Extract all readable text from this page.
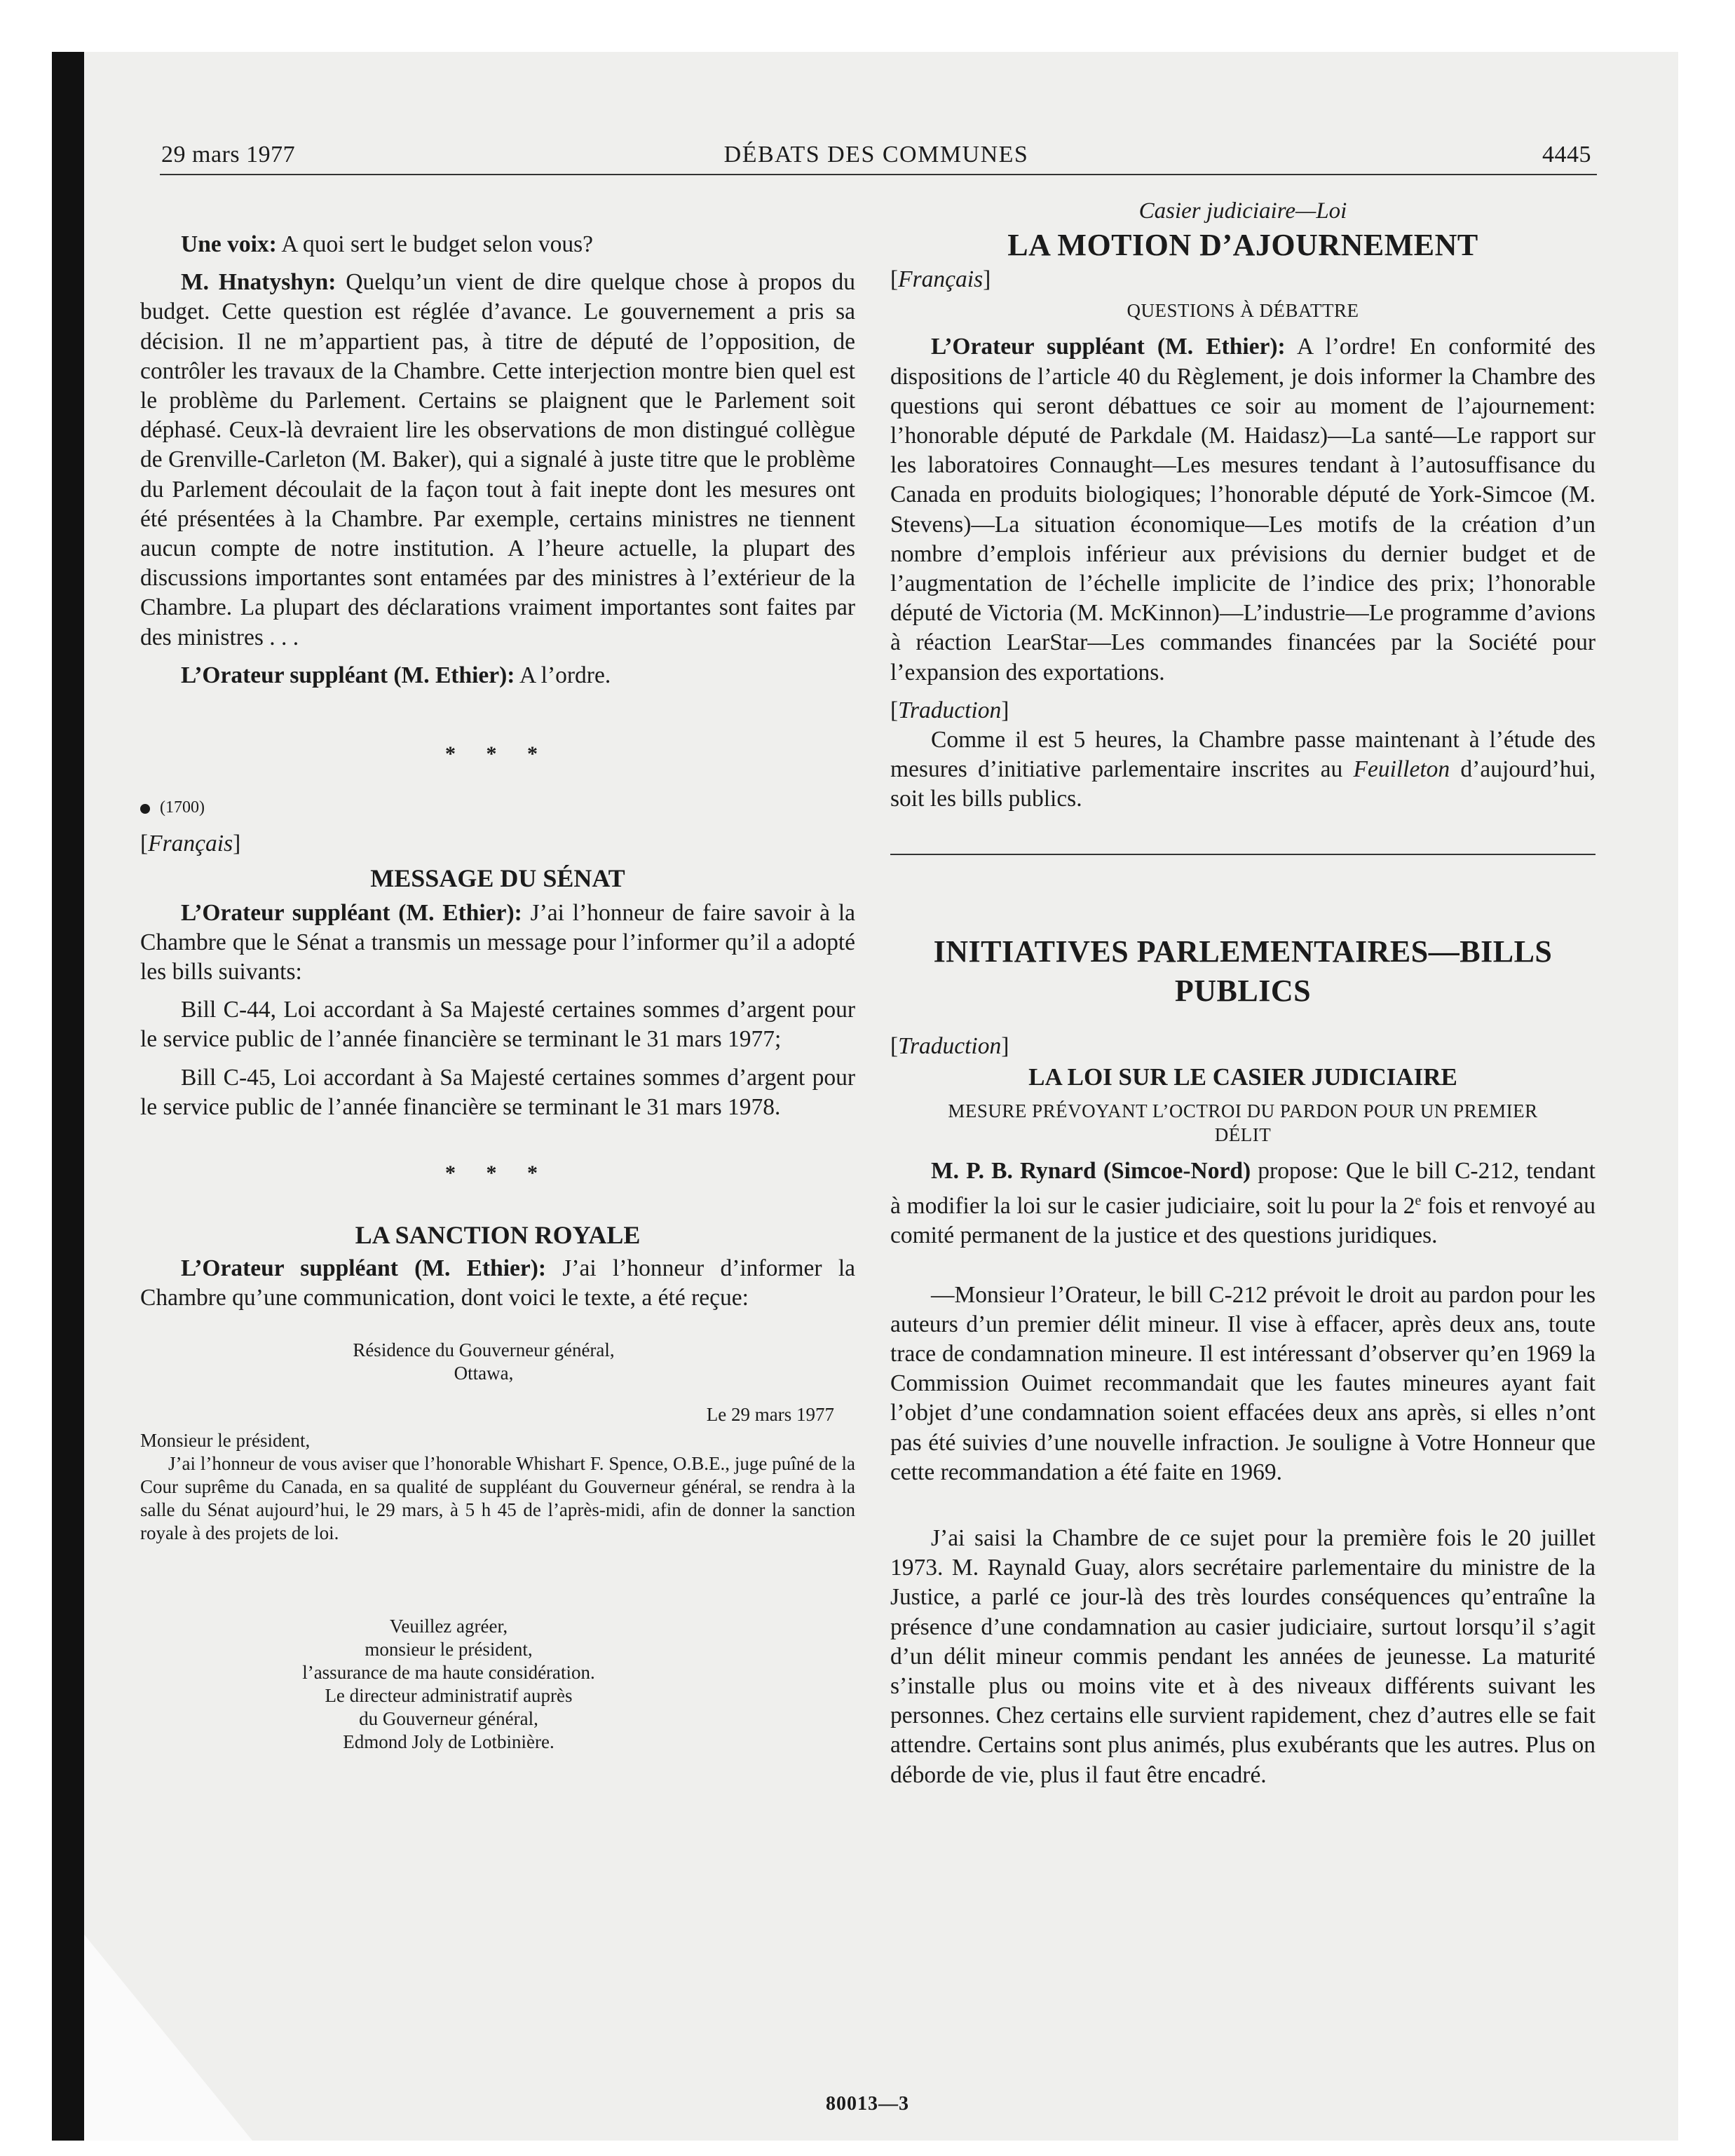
29 mars 1977	DÉBATS DES COMMUNES	4445

Une voix: A quoi sert le budget selon vous?

M. Hnatyshyn: Quelqu’un vient de dire quelque chose à propos du budget. Cette question est réglée d’avance. Le gouvernement a pris sa décision. Il ne m’appartient pas, à titre de député de l’opposition, de contrôler les travaux de la Chambre. Cette interjection montre bien quel est le problème du Parlement. Certains se plaignent que le Parlement soit déphasé. Ceux-là devraient lire les observations de mon distingué collègue de Grenville-Carleton (M. Baker), qui a signalé à juste titre que le problème du Parlement découlait de la façon tout à fait inepte dont les mesures ont été présentées à la Chambre. Par exemple, certains ministres ne tiennent aucun compte de notre institution. A l’heure actuelle, la plupart des discussions importantes sont entamées par des ministres à l’extérieur de la Chambre. La plupart des déclarations vraiment importantes sont faites par des ministres . . .

L’Orateur suppléant (M. Ethier): A l’ordre.

* * *
(1700)
[Français]
MESSAGE DU SÉNAT

L’Orateur suppléant (M. Ethier): J’ai l’honneur de faire savoir à la Chambre que le Sénat a transmis un message pour l’informer qu’il a adopté les bills suivants:

Bill C-44, Loi accordant à Sa Majesté certaines sommes d’argent pour le service public de l’année financière se terminant le 31 mars 1977;

Bill C-45, Loi accordant à Sa Majesté certaines sommes d’argent pour le service public de l’année financière se terminant le 31 mars 1978.

* * *
LA SANCTION ROYALE

L’Orateur suppléant (M. Ethier): J’ai l’honneur d’informer la Chambre qu’une communication, dont voici le texte, a été reçue:

Résidence du Gouverneur général,
Ottawa,
Le 29 mars 1977
Monsieur le président,

J’ai l’honneur de vous aviser que l’honorable Whishart F. Spence, O.B.E., juge puîné de la Cour suprême du Canada, en sa qualité de suppléant du Gouverneur général, se rendra à la salle du Sénat aujourd’hui, le 29 mars, à 5 h 45 de l’après-midi, afin de donner la sanction royale à des projets de loi.

Veuillez agréer,
monsieur le président,
l’assurance de ma haute considération.
Le directeur administratif auprès
du Gouverneur général,
Edmond Joly de Lotbinière.
Casier judiciaire—Loi
LA MOTION D’AJOURNEMENT
[Français]
QUESTIONS À DÉBATTRE

L’Orateur suppléant (M. Ethier): A l’ordre! En conformité des dispositions de l’article 40 du Règlement, je dois informer la Chambre des questions qui seront débattues ce soir au moment de l’ajournement: l’honorable député de Parkdale (M. Haidasz)—La santé—Le rapport sur les laboratoires Connaught—Les mesures tendant à l’autosuffisance du Canada en produits biologiques; l’honorable député de York-Simcoe (M. Stevens)—La situation économique—Les motifs de la création d’un nombre d’emplois inférieur aux prévisions du dernier budget et de l’augmentation de l’échelle implicite de l’indice des prix; l’honorable député de Victoria (M. McKinnon)—L’industrie—Le programme d’avions à réaction LearStar—Les commandes financées par la Société pour l’expansion des exportations.

[Traduction]

Comme il est 5 heures, la Chambre passe maintenant à l’étude des mesures d’initiative parlementaire inscrites au Feuilleton d’aujourd’hui, soit les bills publics.

INITIATIVES PARLEMENTAIRES—BILLS PUBLICS
[Traduction]
LA LOI SUR LE CASIER JUDICIAIRE
MESURE PRÉVOYANT L’OCTROI DU PARDON POUR UN PREMIER DÉLIT

M. P. B. Rynard (Simcoe-Nord) propose: Que le bill C-212, tendant à modifier la loi sur le casier judiciaire, soit lu pour la 2e fois et renvoyé au comité permanent de la justice et des questions juridiques.

—Monsieur l’Orateur, le bill C-212 prévoit le droit au pardon pour les auteurs d’un premier délit mineur. Il vise à effacer, après deux ans, toute trace de condamnation mineure. Il est intéressant d’observer qu’en 1969 la Commission Ouimet recommandait que les fautes mineures ayant fait l’objet d’une condamnation soient effacées deux ans après, si elles n’ont pas été suivies d’une nouvelle infraction. Je souligne à Votre Honneur que cette recommandation a été faite en 1969.

J’ai saisi la Chambre de ce sujet pour la première fois le 20 juillet 1973. M. Raynald Guay, alors secrétaire parlementaire du ministre de la Justice, a parlé ce jour-là des très lourdes conséquences qu’entraîne la présence d’une condamnation au casier judiciaire, surtout lorsqu’il s’agit d’un délit mineur commis pendant les années de jeunesse. La maturité s’installe plus ou moins vite et à des niveaux différents suivant les personnes. Chez certains elle survient rapidement, chez d’autres elle se fait attendre. Certains sont plus animés, plus exubérants que les autres. Plus on déborde de vie, plus il faut être encadré.

80013—3
